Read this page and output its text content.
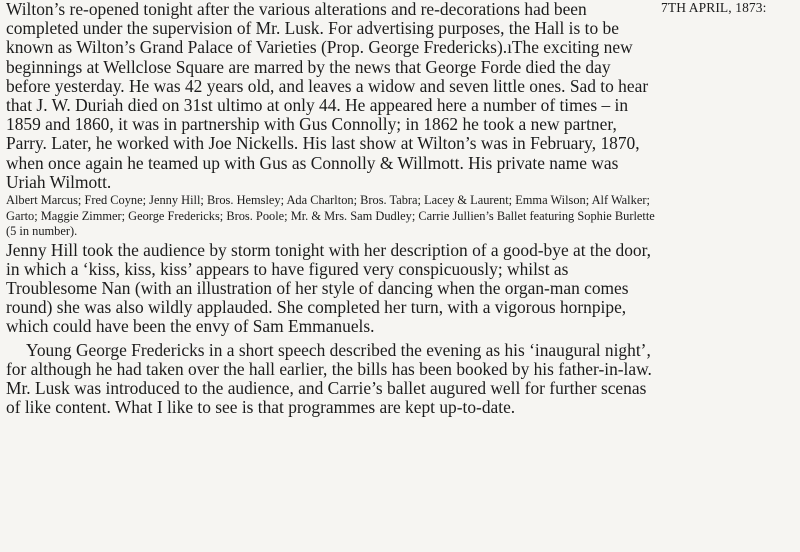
7TH APRIL, 1873:

Wilton’s re-opened tonight after the various alterations and re-decorations had been completed under the supervision of Mr. Lusk. For advertising purposes, the Hall is to be known as Wilton’s Grand Palace of Varieties (Prop. George Fredericks).ıThe exciting new beginnings at Wellclose Square are marred by the news that George Forde died the day before yesterday. He was 42 years old, and leaves a widow and seven little ones. Sad to hear that J. W. Duriah died on 31st ultimo at only 44. He appeared here a number of times – in 1859 and 1860, it was in partnership with Gus Connolly; in 1862 he took a new partner, Parry. Later, he worked with Joe Nickells. His last show at Wilton’s was in February, 1870, when once again he teamed up with Gus as Connolly & Willmott. His private name was Uriah Wilmott.

Albert Marcus; Fred Coyne; Jenny Hill; Bros. Hemsley; Ada Charlton; Bros. Tabra; Lacey & Laurent; Emma Wilson; Alf Walker; Garto; Maggie Zimmer; George Fredericks; Bros. Poole; Mr. & Mrs. Sam Dudley; Carrie Jullien’s Ballet featuring Sophie Burlette (5 in number).

Jenny Hill took the audience by storm tonight with her description of a good-bye at the door, in which a ‘kiss, kiss, kiss’ appears to have figured very conspicuously; whilst as Troublesome Nan (with an illustration of her style of dancing when the organ-man comes round) she was also wildly applauded. She completed her turn, with a vigorous hornpipe, which could have been the envy of Sam Emmanuels.

Young George Fredericks in a short speech described the evening as his ‘inaugural night’, for although he had taken over the hall earlier, the bills has been booked by his father-in-law. Mr. Lusk was introduced to the audience, and Carrie’s ballet augured well for further scenas of like content. What I like to see is that programmes are kept up-to-date.
